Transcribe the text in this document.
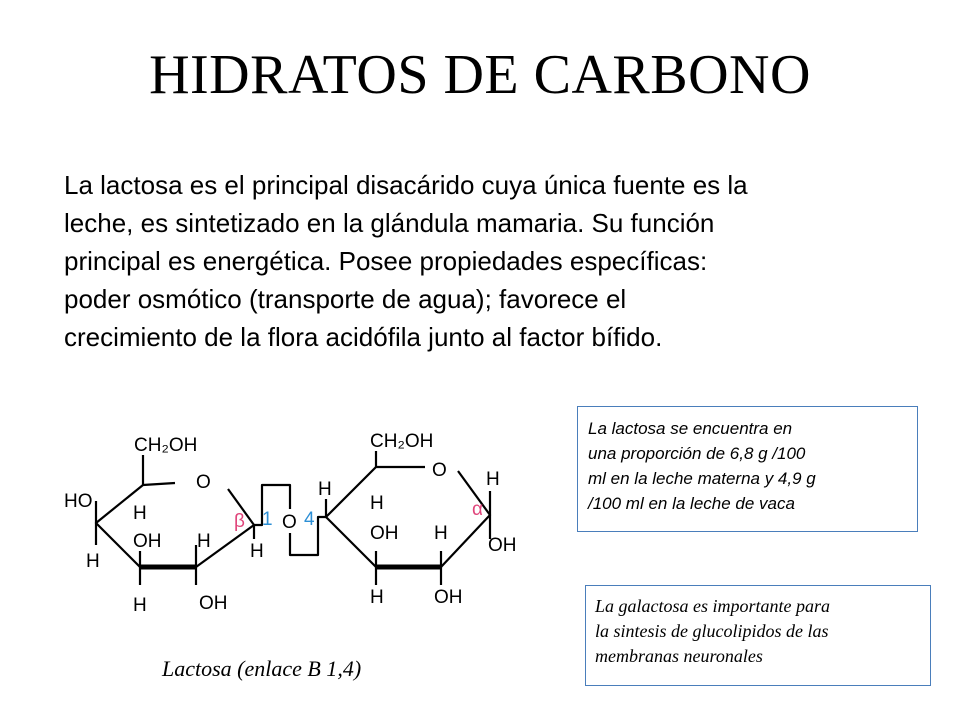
HIDRATOS DE CARBONO

La lactosa es el principal disacárido cuya única fuente es la
leche, es sintetizado en la glándula mamaria. Su función
principal es energética. Posee propiedades específicas:
poder osmótico (transporte de agua); favorece el
crecimiento de la flora acidófila junto al factor bífido.

CH₂OH
O
HO
H
H
OH H
H	OH
H
O
β 1 4
CH₂OH
O
H
H
OH H
H	OH
H
OH
α
Lactosa (enlace B 1,4)
La lactosa se encuentra en
una proporción de 6,8 g /100
ml en la leche materna y 4,9 g
/100 ml en la leche de vaca
La galactosa es importante para
la sintesis de glucolipidos de las
membranas neuronales
